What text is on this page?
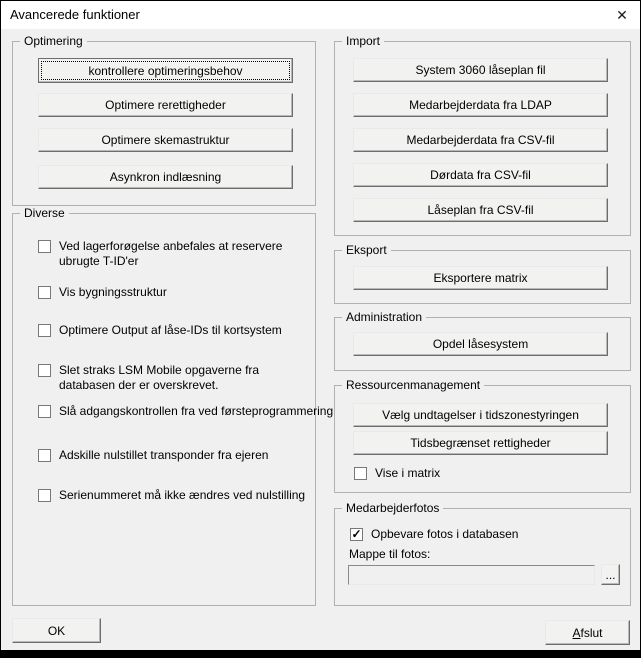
Avancerede funktioner	✕
Optimering
kontrollere optimeringsbehov
Optimere rerettigheder
Optimere skemastruktur
Asynkron indlæsning
Diverse
Ved lagerforøgelse anbefales at reservere ubrugte T-ID'er
Vis bygningsstruktur
Optimere Output af låse-IDs til kortsystem
Slet straks LSM Mobile opgaverne fra databasen der er overskrevet.
Slå adgangskontrollen fra ved førsteprogrammering
Adskille nulstillet transponder fra ejeren
Serienummeret må ikke ændres ved nulstilling
Import
System 3060 låseplan fil
Medarbejderdata fra LDAP
Medarbejderdata fra CSV-fil
Dørdata fra CSV-fil
Låseplan fra CSV-fil
Eksport
Eksportere matrix
Administration
Opdel låsesystem
Ressourcenmanagement
Vælg undtagelser i tidszonestyringen
Tidsbegrænset rettigheder
Vise i matrix
Medarbejderfotos
✓ Opbevare fotos i databasen
Mappe til fotos:
...
OK	Afslut
